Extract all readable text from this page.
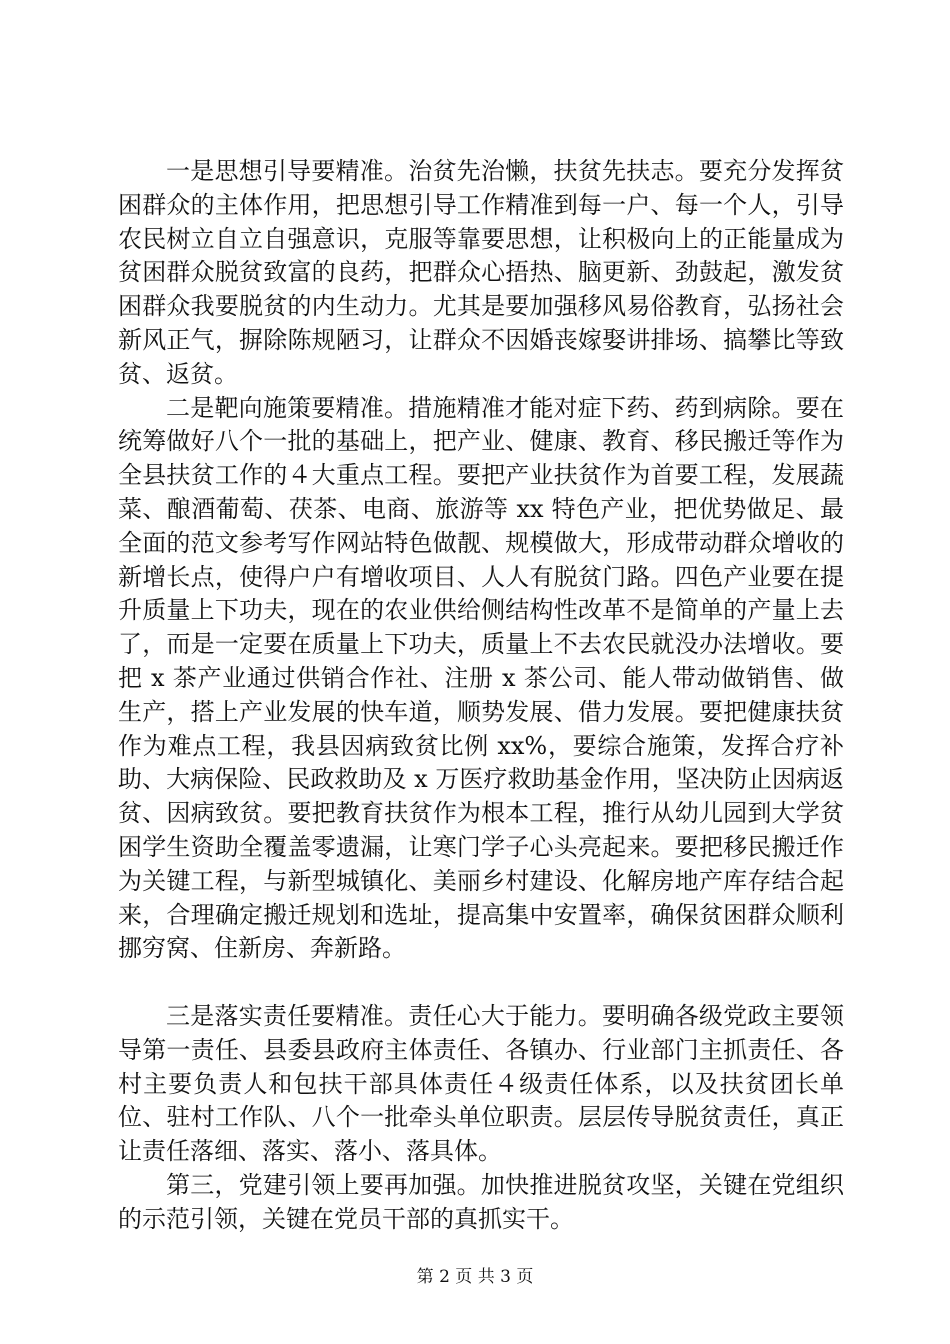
一是思想引导要精准。治贫先治懒，扶贫先扶志。要充分发挥贫困群众的主体作用，把思想引导工作精准到每一户、每一个人，引导农民树立自立自强意识，克服等靠要思想，让积极向上的正能量成为贫困群众脱贫致富的良药，把群众心捂热、脑更新、劲鼓起，激发贫困群众我要脱贫的内生动力。尤其是要加强移风易俗教育，弘扬社会新风正气，摒除陈规陋习，让群众不因婚丧嫁娶讲排场、搞攀比等致贫、返贫。

二是靶向施策要精准。措施精准才能对症下药、药到病除。要在统筹做好八个一批的基础上，把产业、健康、教育、移民搬迁等作为全县扶贫工作的４大重点工程。要把产业扶贫作为首要工程，发展蔬菜、酿酒葡萄、茯茶、电商、旅游等 xx 特色产业，把优势做足、最全面的范文参考写作网站特色做靓、规模做大，形成带动群众增收的新增长点，使得户户有增收项目、人人有脱贫门路。四色产业要在提升质量上下功夫，现在的农业供给侧结构性改革不是简单的产量上去了，而是一定要在质量上下功夫，质量上不去农民就没办法增收。要把 x 茶产业通过供销合作社、注册 x 茶公司、能人带动做销售、做生产，搭上产业发展的快车道，顺势发展、借力发展。要把健康扶贫作为难点工程，我县因病致贫比例 xx%，要综合施策，发挥合疗补助、大病保险、民政救助及 x 万医疗救助基金作用，坚决防止因病返贫、因病致贫。要把教育扶贫作为根本工程，推行从幼儿园到大学贫困学生资助全覆盖零遗漏，让寒门学子心头亮起来。要把移民搬迁作为关键工程，与新型城镇化、美丽乡村建设、化解房地产库存结合起来，合理确定搬迁规划和选址，提高集中安置率，确保贫困群众顺利挪穷窝、住新房、奔新路。

三是落实责任要精准。责任心大于能力。要明确各级党政主要领导第一责任、县委县政府主体责任、各镇办、行业部门主抓责任、各村主要负责人和包扶干部具体责任４级责任体系，以及扶贫团长单位、驻村工作队、八个一批牵头单位职责。层层传导脱贫责任，真正让责任落细、落实、落小、落具体。

第三，党建引领上要再加强。加快推进脱贫攻坚，关键在党组织的示范引领，关键在党员干部的真抓实干。

第 2 页 共 3 页
